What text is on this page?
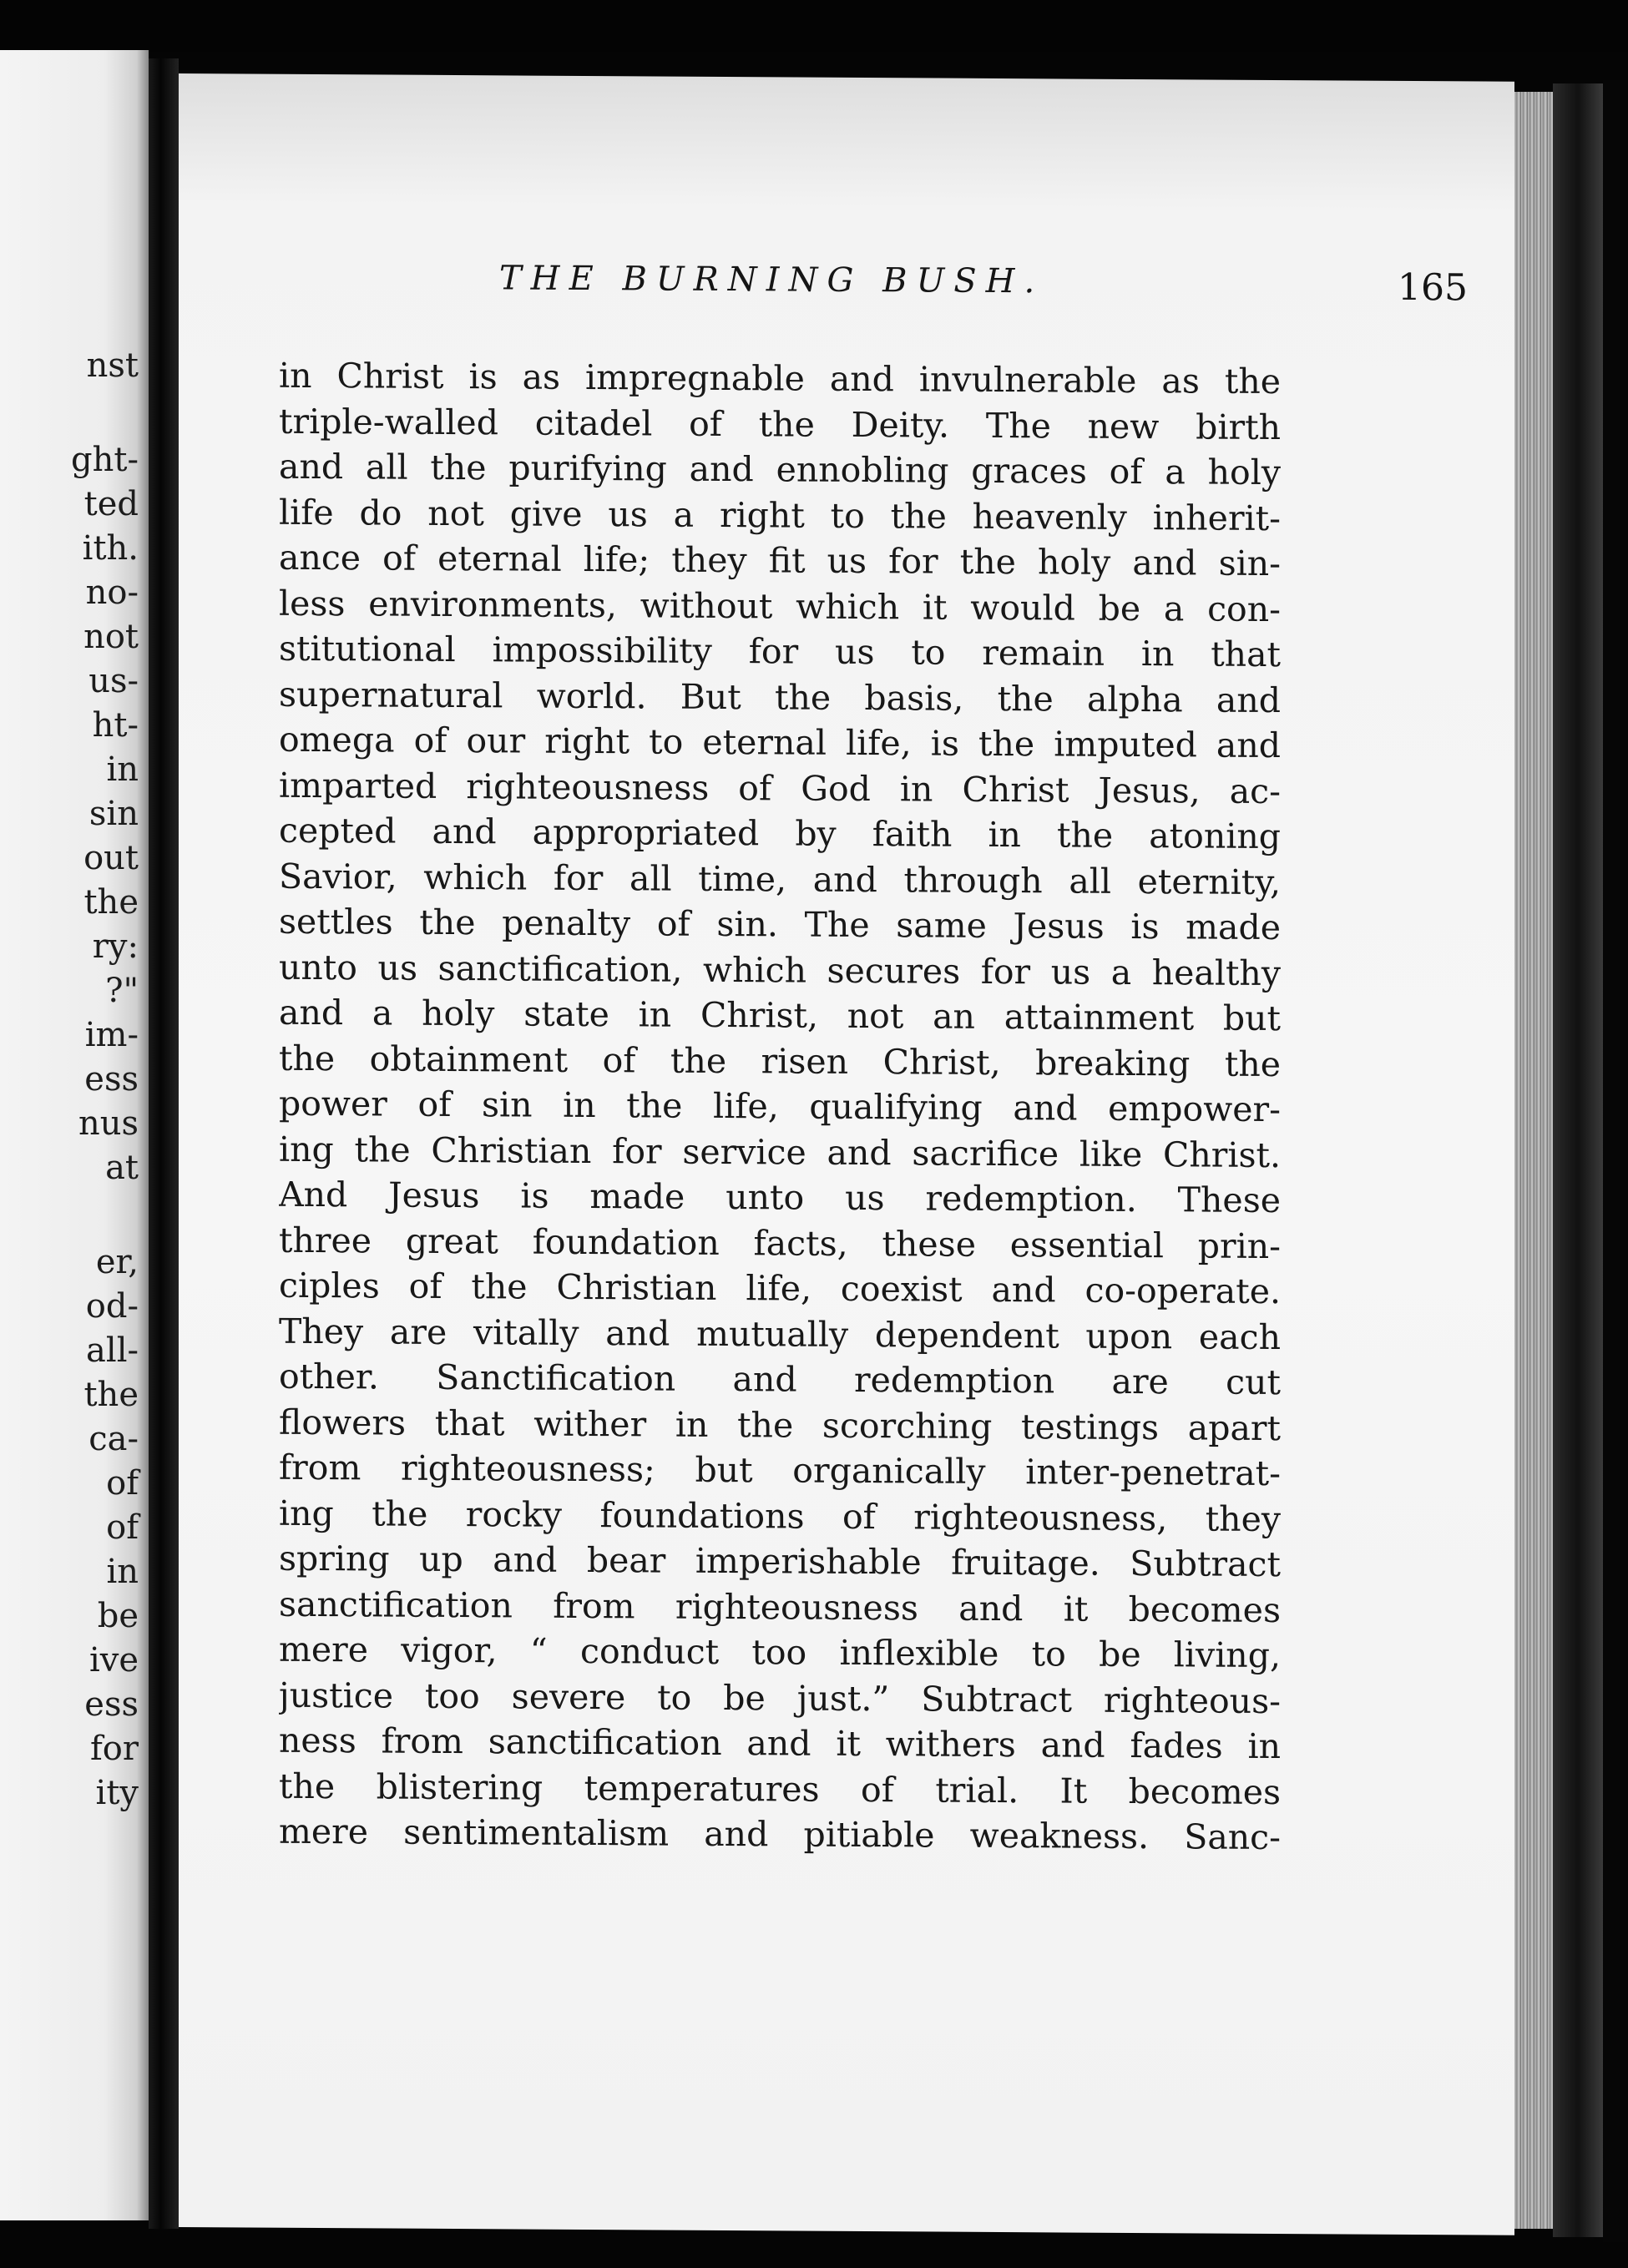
nst
ght-
ted
ith.
no-
not
us-
ht-
in
sin
out
the
ry:
?"
im-
ess
nus
at
er,
od-
all-
the
ca-
of
of
in
be
ive
ess
for
ity
THE BURNING BUSH.	165
in Christ is as impregnable and invulnerable as the
triple-walled citadel of the Deity. The new birth
and all the purifying and ennobling graces of a holy
life do not give us a right to the heavenly inherit-
ance of eternal life; they fit us for the holy and sin-
less environments, without which it would be a con-
stitutional impossibility for us to remain in that
supernatural world. But the basis, the alpha and
omega of our right to eternal life, is the imputed and
imparted righteousness of God in Christ Jesus, ac-
cepted and appropriated by faith in the atoning
Savior, which for all time, and through all eternity,
settles the penalty of sin. The same Jesus is made
unto us sanctification, which secures for us a healthy
and a holy state in Christ, not an attainment but
the obtainment of the risen Christ, breaking the
power of sin in the life, qualifying and empower-
ing the Christian for service and sacrifice like Christ.
And Jesus is made unto us redemption. These
three great foundation facts, these essential prin-
ciples of the Christian life, coexist and co-operate.
They are vitally and mutually dependent upon each
other. Sanctification and redemption are cut
flowers that wither in the scorching testings apart
from righteousness; but organically inter-penetrat-
ing the rocky foundations of righteousness, they
spring up and bear imperishable fruitage. Subtract
sanctification from righteousness and it becomes
mere vigor, “ conduct too inflexible to be living,
justice too severe to be just.” Subtract righteous-
ness from sanctification and it withers and fades in
the blistering temperatures of trial. It becomes
mere sentimentalism and pitiable weakness. Sanc-
